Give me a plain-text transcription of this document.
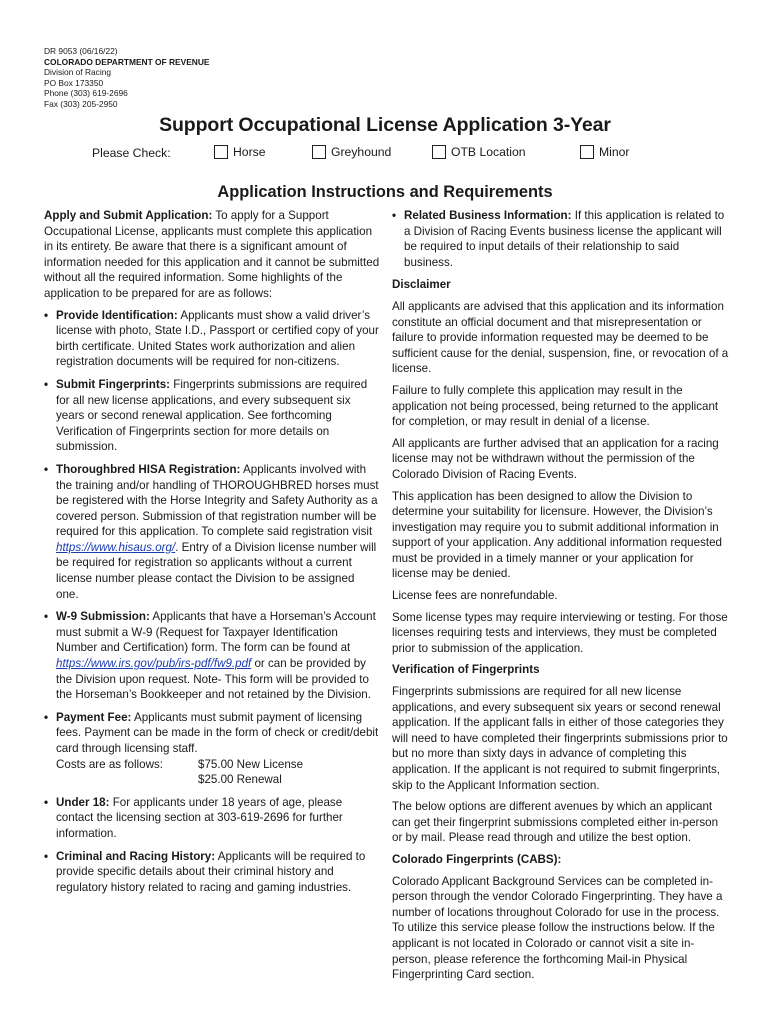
DR 9053 (06/16/22)
COLORADO DEPARTMENT OF REVENUE
Division of Racing
PO Box 173350
Phone (303) 619-2696
Fax (303) 205-2950
Support Occupational License Application 3-Year
Please Check:	Horse	Greyhound	OTB Location	Minor
Application Instructions and Requirements

Apply and Submit Application: To apply for a Support Occupational License, applicants must complete this application in its entirety. Be aware that there is a significant amount of information needed for this application and it cannot be submitted without all the required information. Some highlights of the application to be prepared for are as follows:

• Provide Identification: Applicants must show a valid driver’s license with photo, State I.D., Passport or certified copy of your birth certificate. United States work authorization and alien registration documents will be required for non-citizens.
• Submit Fingerprints: Fingerprints submissions are required for all new license applications, and every subsequent six years or second renewal application. See forthcoming Verification of Fingerprints section for more details on submission.
• Thoroughbred HISA Registration: Applicants involved with the training and/or handling of THOROUGHBRED horses must be registered with the Horse Integrity and Safety Authority as a covered person. Submission of that registration number will be required for this application. To complete said registration visit https://www.hisaus.org/. Entry of a Division license number will be required for registration so applicants without a current license number please contact the Division to be assigned one.
• W-9 Submission: Applicants that have a Horseman’s Account must submit a W-9 (Request for Taxpayer Identification Number and Certification) form. The form can be found at https://www.irs.gov/pub/irs-pdf/fw9.pdf or can be provided by the Division upon request. Note- This form will be provided to the Horseman’s Bookkeeper and not retained by the Division.
• Payment Fee: Applicants must submit payment of licensing fees. Payment can be made in the form of check or credit/debit card through licensing staff.
Costs are as follows:	$75.00 New License
$25.00 Renewal
• Under 18: For applicants under 18 years of age, please contact the licensing section at 303-619-2696 for further information.
• Criminal and Racing History: Applicants will be required to provide specific details about their criminal history and regulatory history related to racing and gaming industries.
• Related Business Information: If this application is related to a Division of Racing Events business license the applicant will be required to input details of their relationship to said business.
Disclaimer

All applicants are advised that this application and its information constitute an official document and that misrepresentation or failure to provide information requested may be deemed to be sufficient cause for the denial, suspension, fine, or revocation of a license.

Failure to fully complete this application may result in the application not being processed, being returned to the applicant for completion, or may result in denial of a license.

All applicants are further advised that an application for a racing license may not be withdrawn without the permission of the Colorado Division of Racing Events.

This application has been designed to allow the Division to determine your suitability for licensure. However, the Division’s investigation may require you to submit additional information in support of your application. Any additional information requested must be provided in a timely manner or your application for license may be denied.

License fees are nonrefundable.

Some license types may require interviewing or testing. For those licenses requiring tests and interviews, they must be completed prior to submission of the application.

Verification of Fingerprints

Fingerprints submissions are required for all new license applications, and every subsequent six years or second renewal application. If the applicant falls in either of those categories they will need to have completed their fingerprints submissions prior to but no more than sixty days in advance of completing this application. If the applicant is not required to submit fingerprints, skip to the Applicant Information section.

The below options are different avenues by which an applicant can get their fingerprint submissions completed either in-person or by mail. Please read through and utilize the best option.

Colorado Fingerprints (CABS):

Colorado Applicant Background Services can be completed in-person through the vendor Colorado Fingerprinting. They have a number of locations throughout Colorado for use in the process. To utilize this service please follow the instructions below. If the applicant is not located in Colorado or cannot visit a site in-person, please reference the forthcoming Mail-in Physical Fingerprinting Card section.
